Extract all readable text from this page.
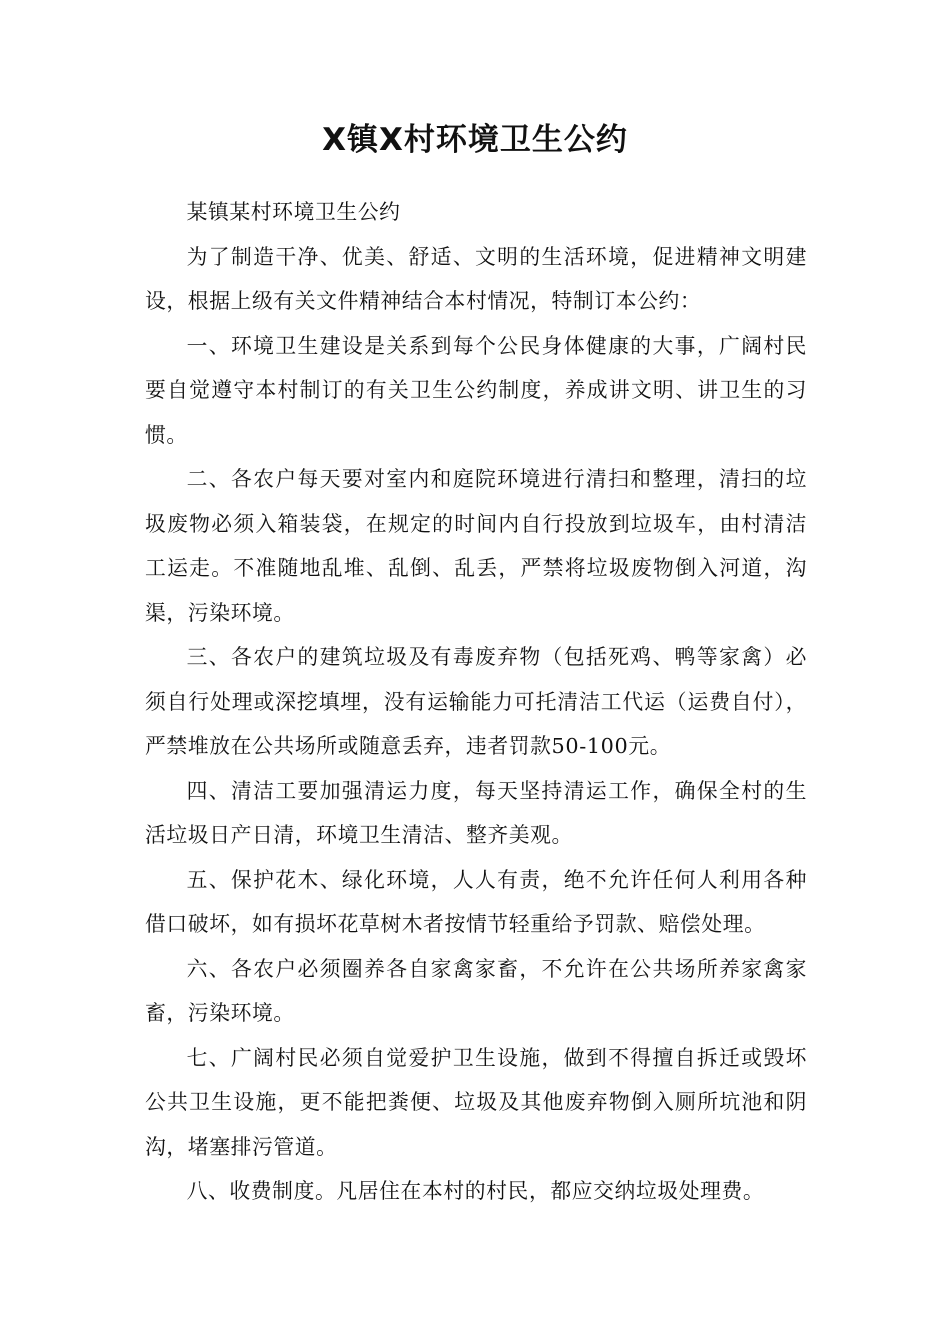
X镇X村环境卫生公约

某镇某村环境卫生公约

为了制造干净、优美、舒适、文明的生活环境，促进精神文明建设，根据上级有关文件精神结合本村情况，特制订本公约：

一、环境卫生建设是关系到每个公民身体健康的大事，广阔村民要自觉遵守本村制订的有关卫生公约制度，养成讲文明、讲卫生的习惯。

二、各农户每天要对室内和庭院环境进行清扫和整理，清扫的垃圾废物必须入箱装袋，在规定的时间内自行投放到垃圾车，由村清洁工运走。不准随地乱堆、乱倒、乱丢，严禁将垃圾废物倒入河道，沟渠，污染环境。

三、各农户的建筑垃圾及有毒废弃物（包括死鸡、鸭等家禽）必须自行处理或深挖填埋，没有运输能力可托清洁工代运（运费自付），严禁堆放在公共场所或随意丢弃，违者罚款50-100元。

四、清洁工要加强清运力度，每天坚持清运工作，确保全村的生活垃圾日产日清，环境卫生清洁、整齐美观。

五、保护花木、绿化环境，人人有责，绝不允许任何人利用各种借口破坏，如有损坏花草树木者按情节轻重给予罚款、赔偿处理。

六、各农户必须圈养各自家禽家畜，不允许在公共场所养家禽家畜，污染环境。

七、广阔村民必须自觉爱护卫生设施，做到不得擅自拆迁或毁坏公共卫生设施，更不能把粪便、垃圾及其他废弃物倒入厕所坑池和阴沟，堵塞排污管道。

八、收费制度。凡居住在本村的村民，都应交纳垃圾处理费。
